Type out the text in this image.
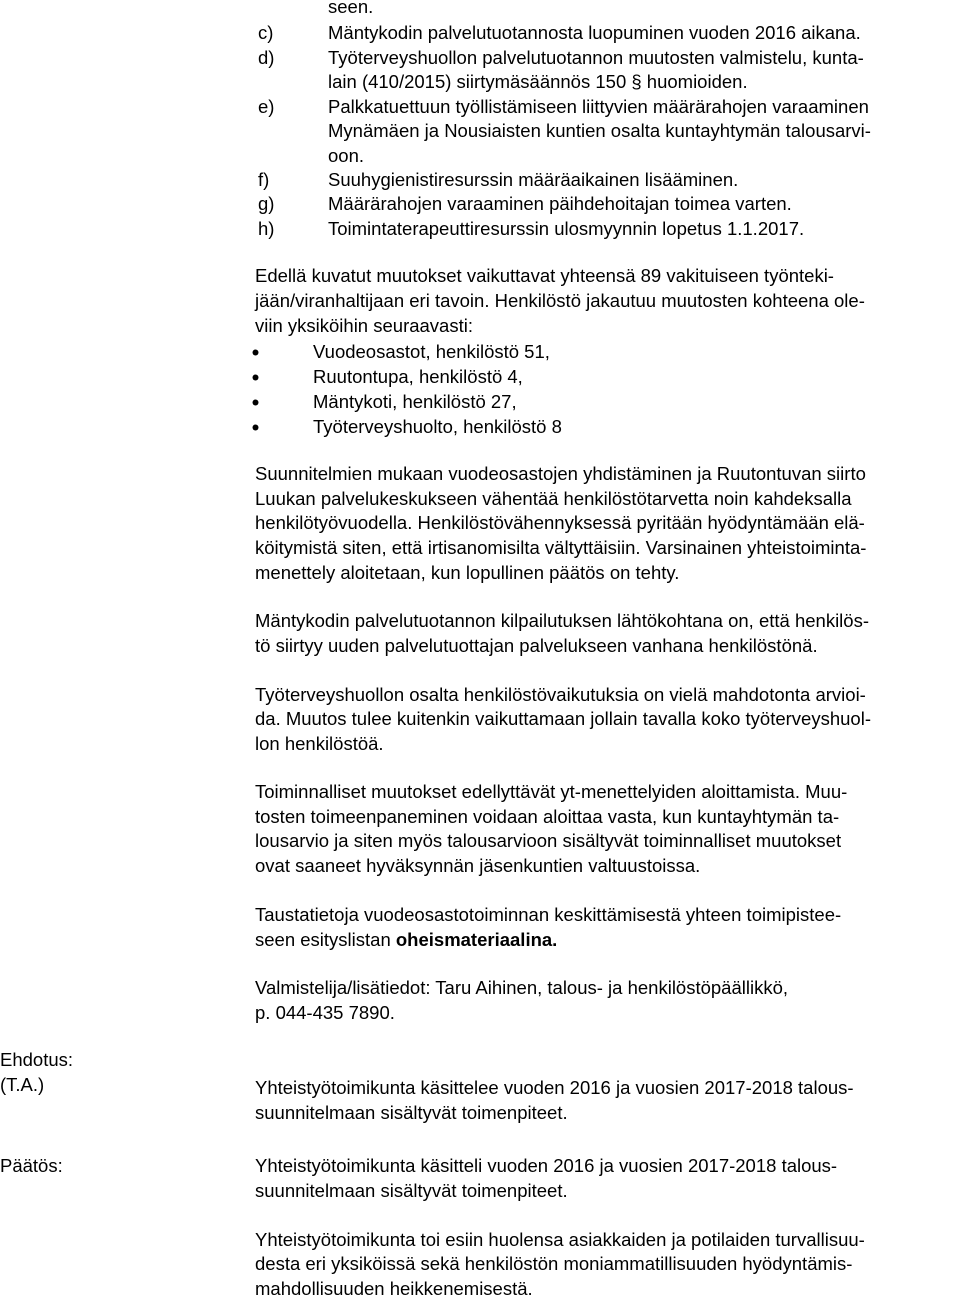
seen.
c)	Mäntykodin palvelutuotannosta luopuminen vuoden 2016 aikana.
d)	Työterveyshuollon palvelutuotannon muutosten valmistelu, kunta-
lain (410/2015) siirtymäsäännös 150 § huomioiden.
e)	Palkkatuettuun työllistämiseen liittyvien määrärahojen varaaminen
Mynämäen ja Nousiaisten kuntien osalta kuntayhtymän talousarvi-
oon.
f)	Suuhygienistiresurssin määräaikainen lisääminen.
g)	Määrärahojen varaaminen päihdehoitajan toimea varten.
h)	Toimintaterapeuttiresurssin ulosmyynnin lopetus 1.1.2017.
Edellä kuvatut muutokset vaikuttavat yhteensä 89 vakituiseen työnteki-
jään/viranhaltijaan eri tavoin. Henkilöstö jakautuu muutosten kohteena ole-
viin yksiköihin seuraavasti:
Vuodeosastot, henkilöstö 51,
Ruutontupa, henkilöstö 4,
Mäntykoti, henkilöstö 27,
Työterveyshuolto, henkilöstö 8
Suunnitelmien mukaan vuodeosastojen yhdistäminen ja Ruutontuvan siirto
Luukan palvelukeskukseen vähentää henkilöstötarvetta noin kahdeksalla
henkilötyövuodella. Henkilöstövähennyksessä pyritään hyödyntämään elä-
köitymistä siten, että irtisanomisilta vältyttäisiin. Varsinainen yhteistoiminta-
menettely aloitetaan, kun lopullinen päätös on tehty.
Mäntykodin palvelutuotannon kilpailutuksen lähtökohtana on, että henkilös-
tö siirtyy uuden palvelutuottajan palvelukseen vanhana henkilöstönä.
Työterveyshuollon osalta henkilöstövaikutuksia on vielä mahdotonta arvioi-
da. Muutos tulee kuitenkin vaikuttamaan jollain tavalla koko työterveyshuol-
lon henkilöstöä.
Toiminnalliset muutokset edellyttävät yt-menettelyiden aloittamista. Muu-
tosten toimeenpaneminen voidaan aloittaa vasta, kun kuntayhtymän ta-
lousarvio ja siten myös talousarvioon sisältyvät toiminnalliset muutokset
ovat saaneet hyväksynnän jäsenkuntien valtuustoissa.
Taustatietoja vuodeosastotoiminnan keskittämisestä yhteen toimipistee-
seen esityslistan oheismateriaalina.
Valmistelija/lisätiedot: Taru Aihinen, talous- ja henkilöstöpäällikkö,
p. 044-435 7890.
Ehdotus:
(T.A.)	Yhteistyötoimikunta käsittelee vuoden 2016 ja vuosien 2017-2018 talous-
suunnitelmaan sisältyvät toimenpiteet.
Päätös:	Yhteistyötoimikunta käsitteli vuoden 2016 ja vuosien 2017-2018 talous-
suunnitelmaan sisältyvät toimenpiteet.
Yhteistyötoimikunta toi esiin huolensa asiakkaiden ja potilaiden turvallisuu-
desta eri yksiköissä sekä henkilöstön moniammatillisuuden hyödyntämis-
mahdollisuuden heikkenemisestä.
